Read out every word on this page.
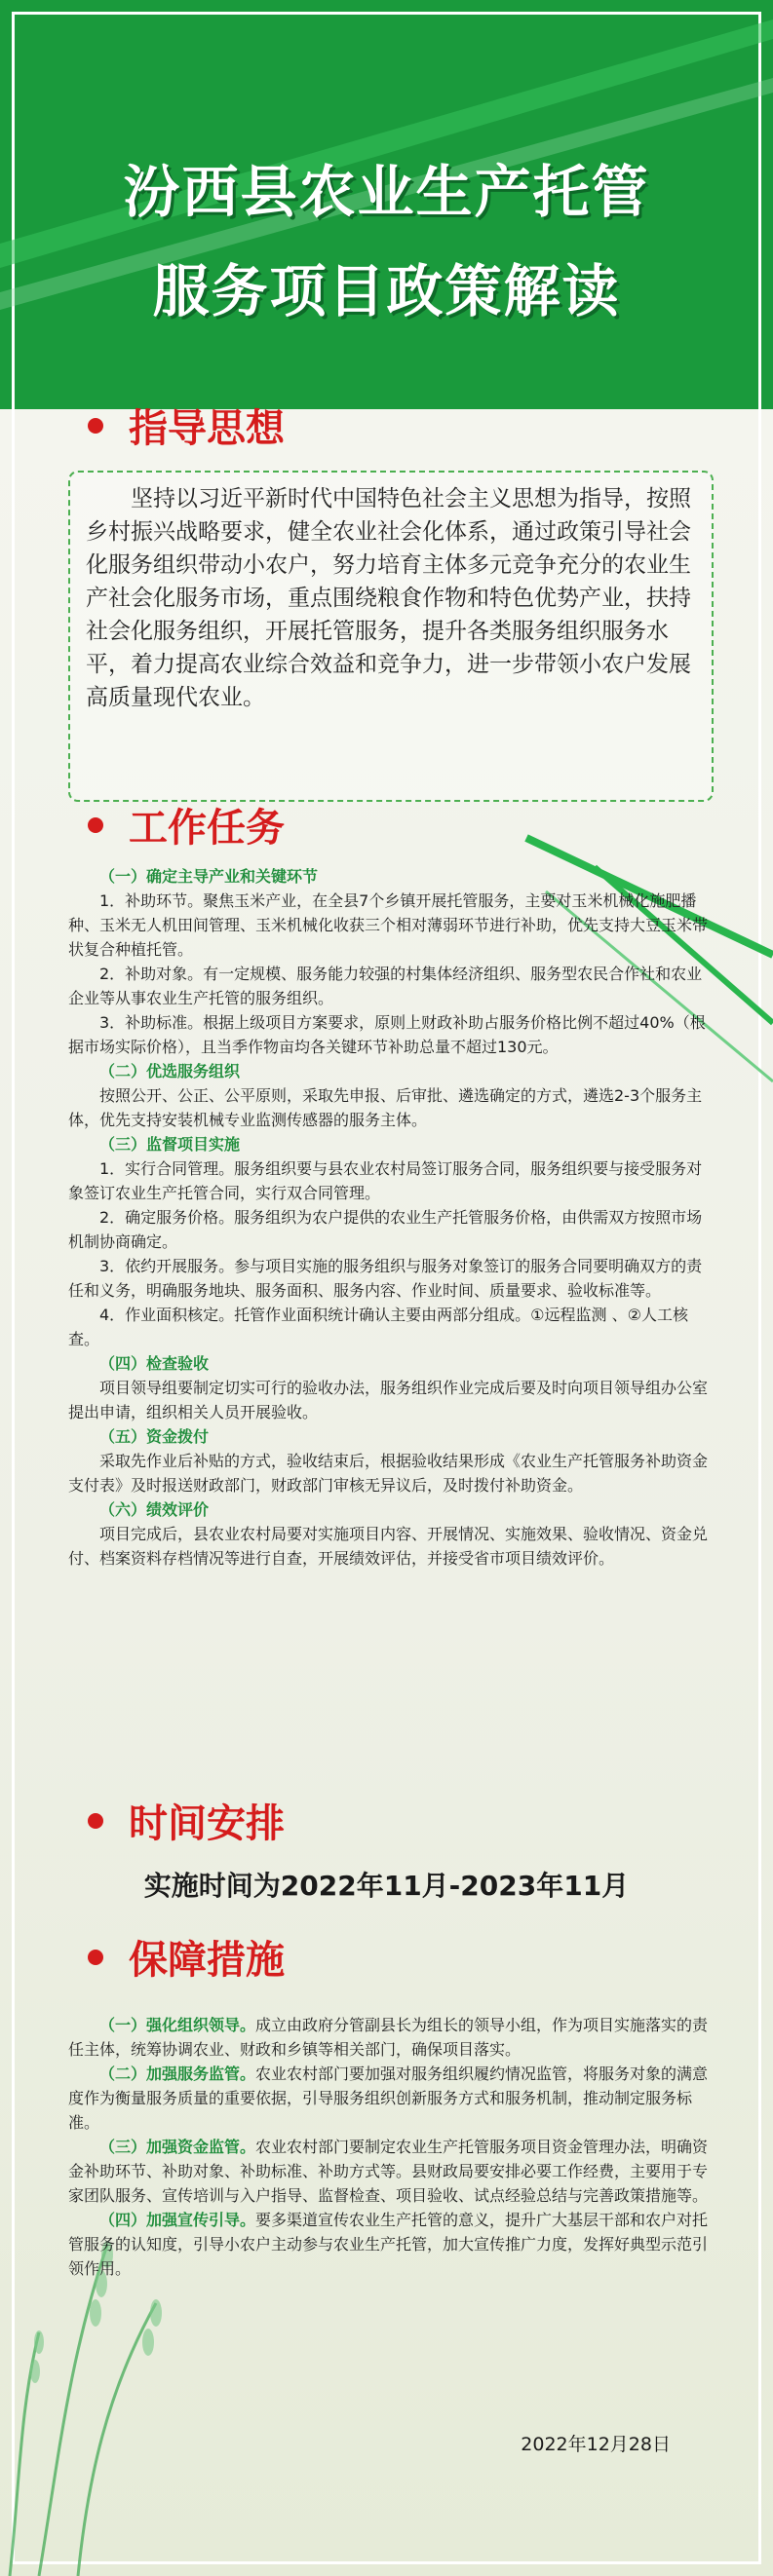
汾西县农业生产托管
服务项目政策解读
指导思想

坚持以习近平新时代中国特色社会主义思想为指导，按照乡村振兴战略要求，健全农业社会化体系，通过政策引导社会化服务组织带动小农户，努力培育主体多元竞争充分的农业生产社会化服务市场，重点围绕粮食作物和特色优势产业，扶持社会化服务组织，开展托管服务，提升各类服务组织服务水平，着力提高农业综合效益和竞争力，进一步带领小农户发展高质量现代农业。

工作任务
（一）确定主导产业和关键环节

1．补助环节。聚焦玉米产业，在全县7个乡镇开展托管服务，主要对玉米机械化施肥播种、玉米无人机田间管理、玉米机械化收获三个相对薄弱环节进行补助，优先支持大豆玉米带状复合种植托管。

2．补助对象。有一定规模、服务能力较强的村集体经济组织、服务型农民合作社和农业企业等从事农业生产托管的服务组织。

3．补助标准。根据上级项目方案要求，原则上财政补助占服务价格比例不超过40%（根据市场实际价格），且当季作物亩均各关键环节补助总量不超过130元。

（二）优选服务组织

按照公开、公正、公平原则，采取先申报、后审批、遴选确定的方式，遴选2-3个服务主体，优先支持安装机械专业监测传感器的服务主体。

（三）监督项目实施

1．实行合同管理。服务组织要与县农业农村局签订服务合同，服务组织要与接受服务对象签订农业生产托管合同，实行双合同管理。

2．确定服务价格。服务组织为农户提供的农业生产托管服务价格，由供需双方按照市场机制协商确定。

3．依约开展服务。参与项目实施的服务组织与服务对象签订的服务合同要明确双方的责任和义务，明确服务地块、服务面积、服务内容、作业时间、质量要求、验收标准等。

4．作业面积核定。托管作业面积统计确认主要由两部分组成。①远程监测 、②人工核查。

（四）检查验收

项目领导组要制定切实可行的验收办法，服务组织作业完成后要及时向项目领导组办公室提出申请，组织相关人员开展验收。

（五）资金拨付

采取先作业后补贴的方式，验收结束后，根据验收结果形成《农业生产托管服务补助资金支付表》及时报送财政部门，财政部门审核无异议后，及时拨付补助资金。

（六）绩效评价

项目完成后，县农业农村局要对实施项目内容、开展情况、实施效果、验收情况、资金兑付、档案资料存档情况等进行自查，开展绩效评估，并接受省市项目绩效评价。

时间安排
实施时间为2022年11月-2023年11月
保障措施

（一）强化组织领导。成立由政府分管副县长为组长的领导小组，作为项目实施落实的责任主体，统筹协调农业、财政和乡镇等相关部门，确保项目落实。

（二）加强服务监管。农业农村部门要加强对服务组织履约情况监管，将服务对象的满意度作为衡量服务质量的重要依据，引导服务组织创新服务方式和服务机制，推动制定服务标准。

（三）加强资金监管。农业农村部门要制定农业生产托管服务项目资金管理办法，明确资金补助环节、补助对象、补助标准、补助方式等。县财政局要安排必要工作经费，主要用于专家团队服务、宣传培训与入户指导、监督检查、项目验收、试点经验总结与完善政策措施等。

（四）加强宣传引导。要多渠道宣传农业生产托管的意义，提升广大基层干部和农户对托管服务的认知度，引导小农户主动参与农业生产托管，加大宣传推广力度，发挥好典型示范引领作用。

2022年12月28日
